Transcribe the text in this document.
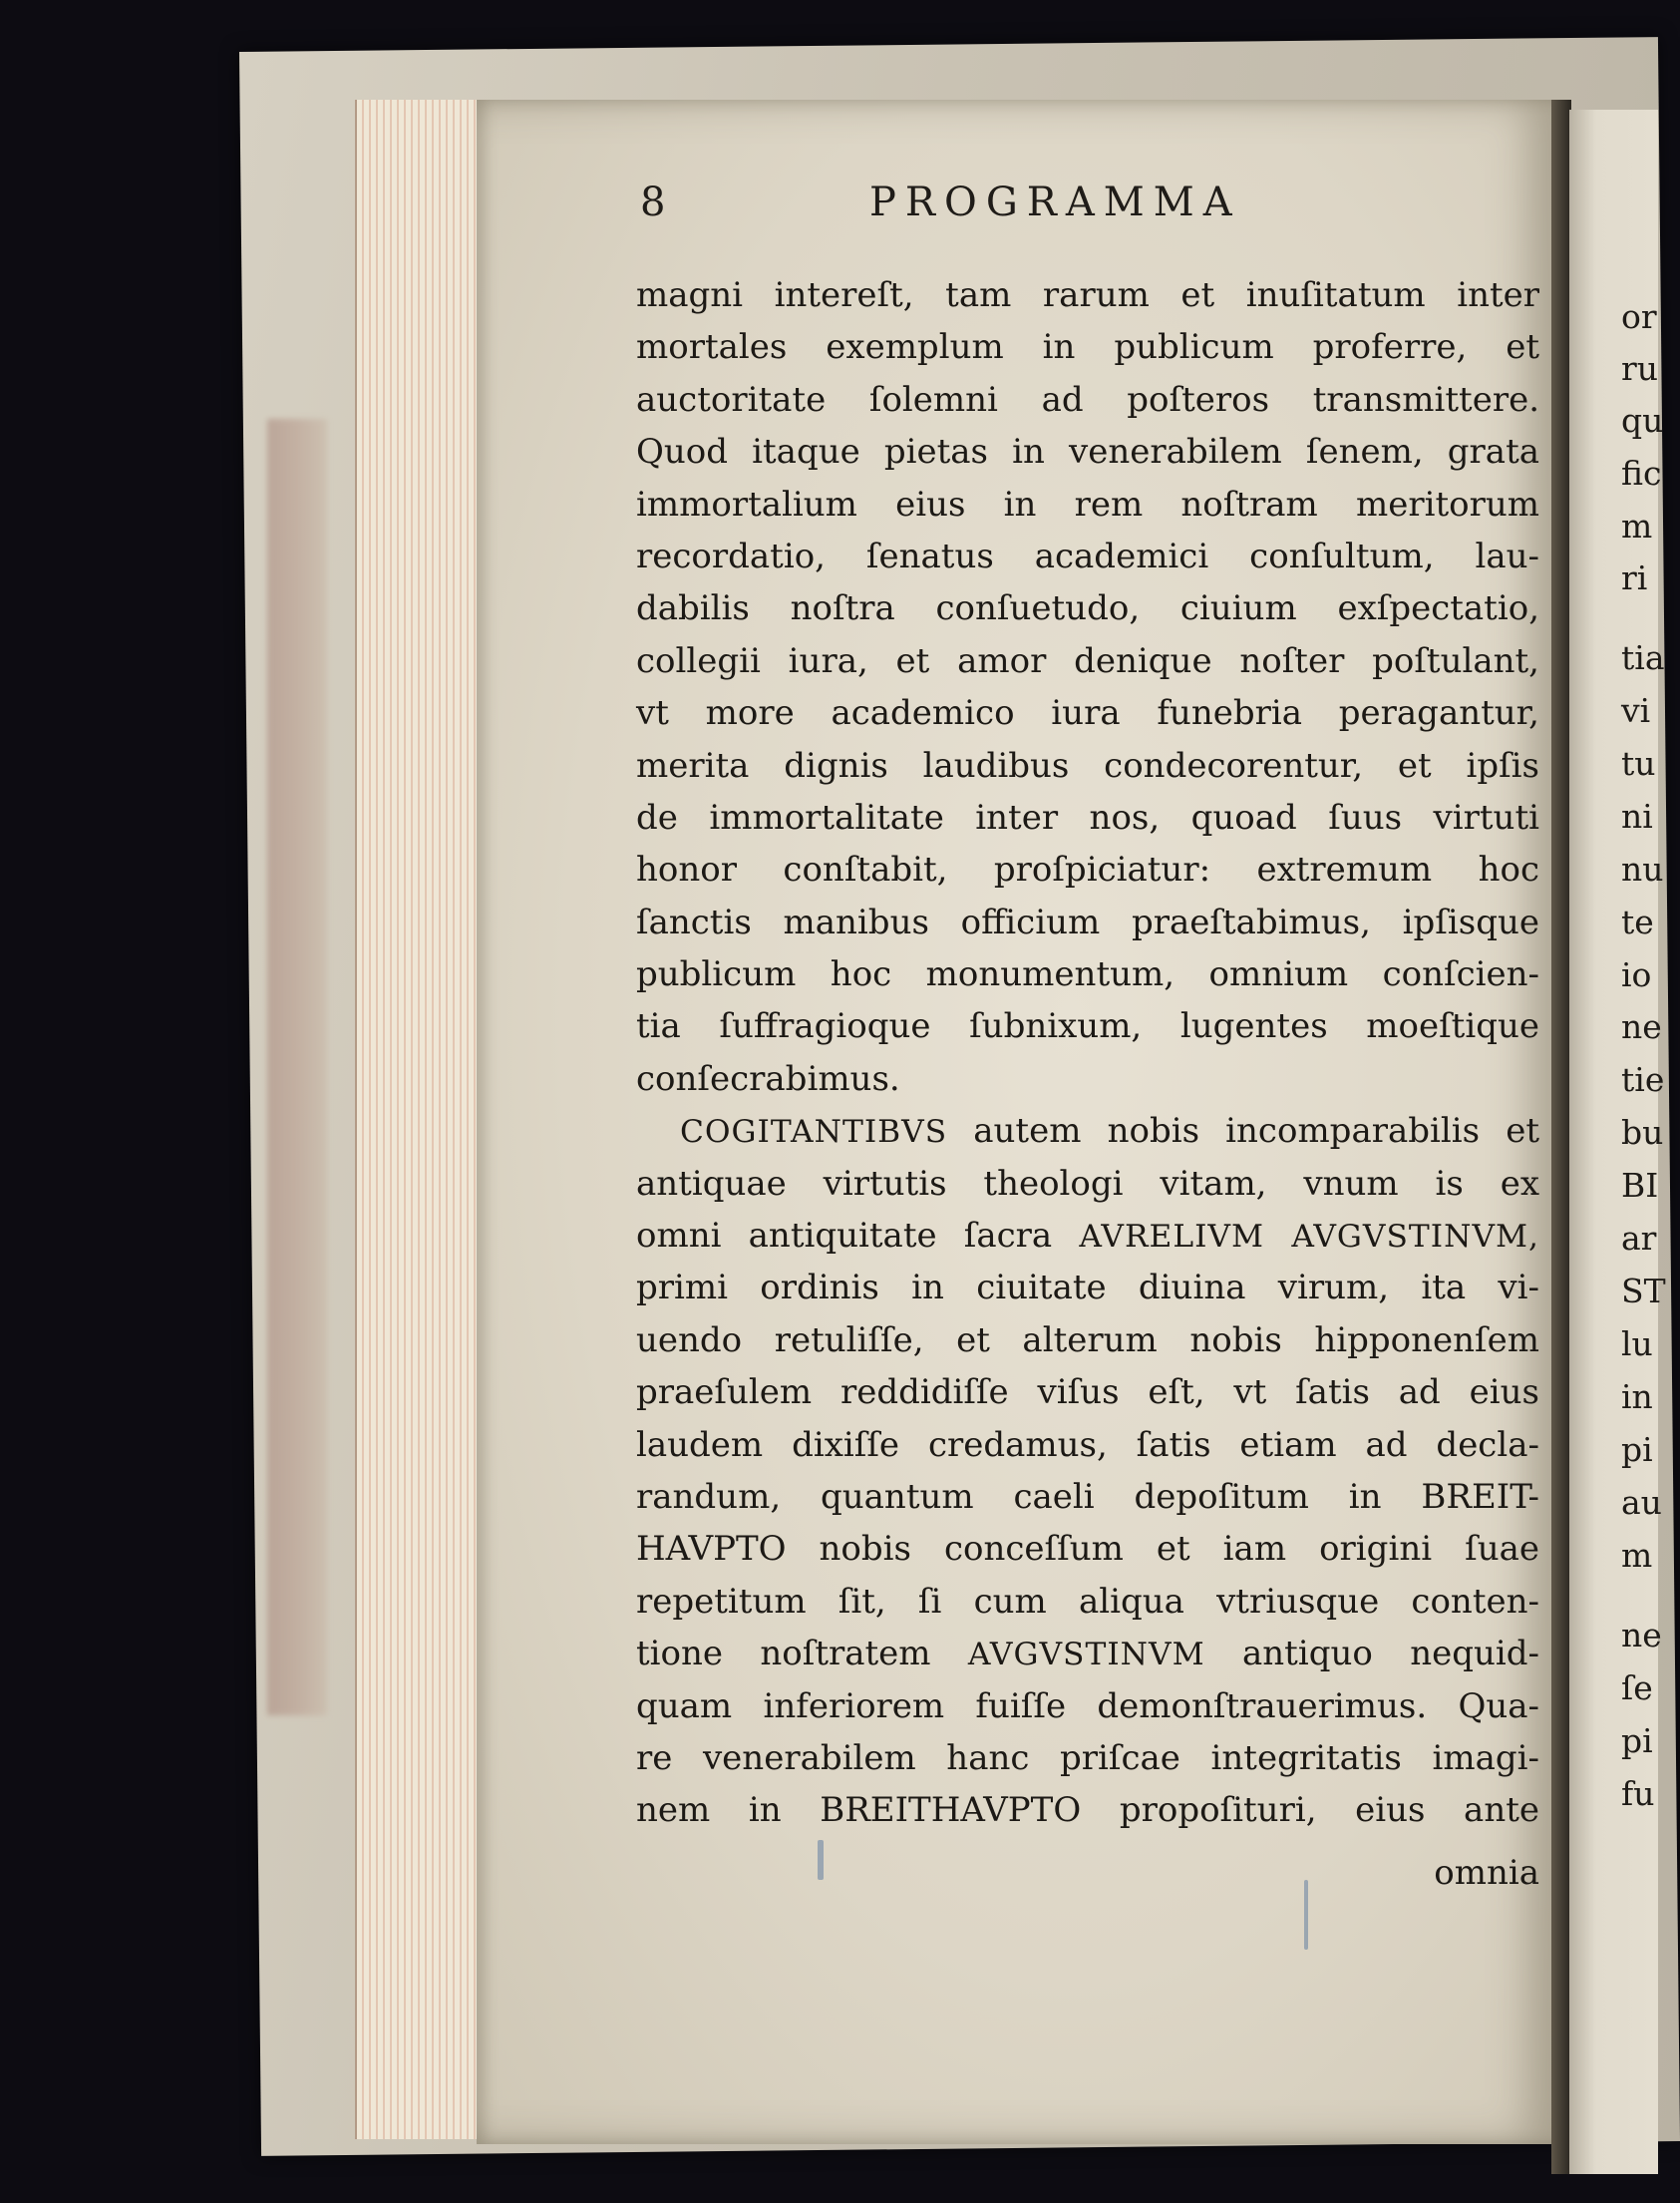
or
ru
qu
fic
m
ri
tia
vi
tu
ni
nu
te
io
ne
tie
bu
BI
ar
ST
lu
in
pi
au
m
ne
ſe
pi
fu
8	PROGRAMMA
magni intereſt, tam rarum et inuſitatum inter
mortales exemplum in publicum proferre, et
auctoritate ſolemni ad poſteros transmittere.
Quod itaque pietas in venerabilem ſenem, grata
immortalium eius in rem noſtram meritorum
recordatio, ſenatus academici conſultum, lau-
dabilis noſtra conſuetudo, ciuium exſpectatio,
collegii iura, et amor denique noſter poſtulant,
vt more academico iura funebria peragantur,
merita dignis laudibus condecorentur, et ipſis
de immortalitate inter nos, quoad ſuus virtuti
honor conſtabit, proſpiciatur: extremum hoc
ſanctis manibus officium praeſtabimus, ipſisque
publicum hoc monumentum, omnium conſcien-
tia ſuffragioque ſubnixum, lugentes moeſtique
conſecrabimus.
COGITANTIBVS autem nobis incomparabilis et
antiquae virtutis theologi vitam, vnum is ex
omni antiquitate ſacra AVRELIVM AVGVSTINVM,
primi ordinis in ciuitate diuina virum, ita vi-
uendo retuliſſe, et alterum nobis hipponenſem
praeſulem reddidiſſe viſus eſt, vt ſatis ad eius
laudem dixiſſe credamus, ſatis etiam ad decla-
randum, quantum caeli depoſitum in BREIT-
HAVPTO nobis conceſſum et iam origini ſuae
repetitum ſit, ſi cum aliqua vtriusque conten-
tione noſtratem AVGVSTINVM antiquo nequid-
quam inferiorem fuiſſe demonſtrauerimus. Qua-
re venerabilem hanc priſcae integritatis imagi-
nem in BREITHAVPTO propoſituri, eius ante
omnia
